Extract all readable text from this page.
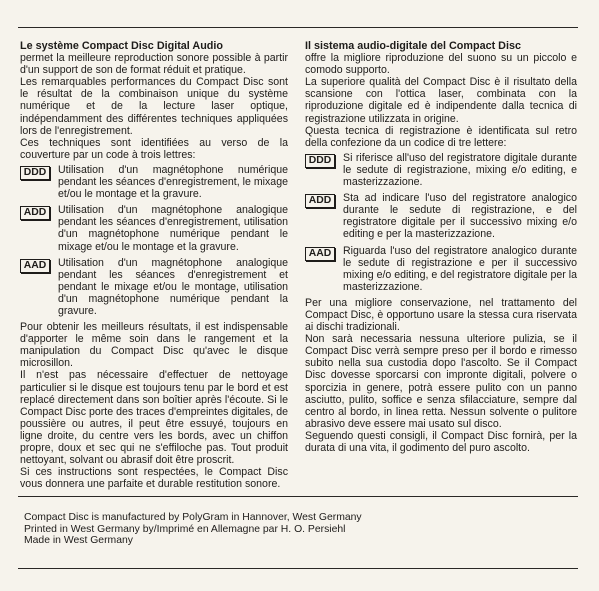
Le système Compact Disc Digital Audio

permet la meilleure reproduction sonore possible à partir d'un support de son de format réduit et pratique.

Les remarquables performances du Compact Disc sont le résultat de la combinaison unique du système numérique et de la lecture laser optique, indépendamment des différentes techniques appliquées lors de l'enregistrement.

Ces techniques sont identifiées au verso de la couverture par un code à trois lettres:

DDD	Utilisation d'un magnétophone numérique pendant les séances d'enregistrement, le mixage et/ou le montage et la gravure.
ADD	Utilisation d'un magnétophone analogique pendant les séances d'enregistrement, utilisation d'un magnétophone numérique pendant le mixage et/ou le montage et la gravure.
AAD	Utilisation d'un magnétophone analogique pendant les séances d'enregistrement et pendant le mixage et/ou le montage, utilisation d'un magnétophone numérique pendant la gravure.

Pour obtenir les meilleurs résultats, il est indispensable d'apporter le même soin dans le rangement et la manipulation du Compact Disc qu'avec le disque microsillon.

Il n'est pas nécessaire d'effectuer de nettoyage particulier si le disque est toujours tenu par le bord et est replacé directement dans son boîtier après l'écoute. Si le Compact Disc porte des traces d'empreintes digitales, de poussière ou autres, il peut être essuyé, toujours en ligne droite, du centre vers les bords, avec un chiffon propre, doux et sec qui ne s'effiloche pas. Tout produit nettoyant, solvant ou abrasif doit être proscrit.

Si ces instructions sont respectées, le Compact Disc vous donnera une parfaite et durable restitution sonore.

Il sistema audio-digitale del Compact Disc

offre la migliore riproduzione del suono su un piccolo e comodo supporto.

La superiore qualità del Compact Disc è il risultato della scansione con l'ottica laser, combinata con la riproduzione digitale ed è indipendente dalla tecnica di registrazione utilizzata in origine.

Questa tecnica di registrazione è identificata sul retro della confezione da un codice di tre lettere:

DDD	Si riferisce all'uso del registratore digitale durante le sedute di registrazione, mixing e/o editing, e masterizzazione.
ADD	Sta ad indicare l'uso del registratore analogico durante le sedute di registrazione, e del registratore digitale per il successivo mixing e/o editing e per la masterizzazione.
AAD	Riguarda l'uso del registratore analogico durante le sedute di registrazione e per il successivo mixing e/o editing, e del registratore digitale per la masterizzazione.

Per una migliore conservazione, nel trattamento del Compact Disc, è opportuno usare la stessa cura riservata ai dischi tradizionali.

Non sarà necessaria nessuna ulteriore pulizia, se il Compact Disc verrà sempre preso per il bordo e rimesso subito nella sua custodia dopo l'ascolto. Se il Compact Disc dovesse sporcarsi con impronte digitali, polvere o sporcizia in genere, potrà essere pulito con un panno asciutto, pulito, soffice e senza sfilacciature, sempre dal centro al bordo, in linea retta. Nessun solvente o pulitore abrasivo deve essere mai usato sul disco.

Seguendo questi consigli, il Compact Disc fornirà, per la durata di una vita, il godimento del puro ascolto.

Compact Disc is manufactured by PolyGram in Hannover, West Germany
Printed in West Germany by/Imprimé en Allemagne par H. O. Persiehl
Made in West Germany
